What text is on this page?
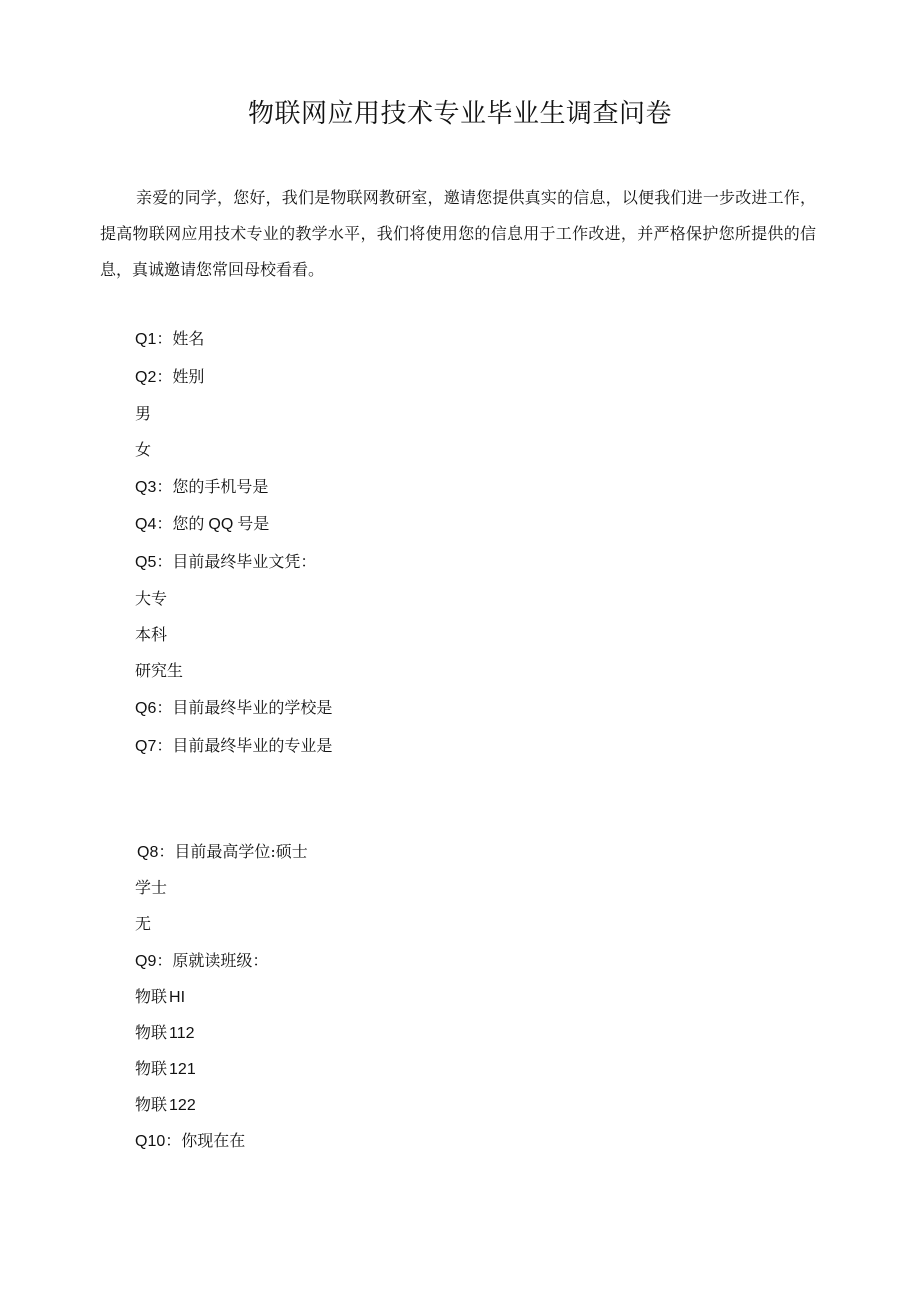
物联网应用技术专业毕业生调查问卷

亲爱的同学，您好，我们是物联网教研室，邀请您提供真实的信息，以便我们进一步改进工作，提高物联网应用技术专业的教学水平，我们将使用您的信息用于工作改进，并严格保护您所提供的信息，真诚邀请您常回母校看看。

Q1：姓名
Q2：姓别
男
女
Q3：您的手机号是
Q4：您的 QQ 号是
Q5：目前最终毕业文凭：
大专
本科
研究生
Q6：目前最终毕业的学校是
Q7：目前最终毕业的专业是
Q8：目前最高学位:硕士
学士
无
Q9：原就读班级：
物联 HI
物联 112
物联 121
物联 122
Q10：你现在在
